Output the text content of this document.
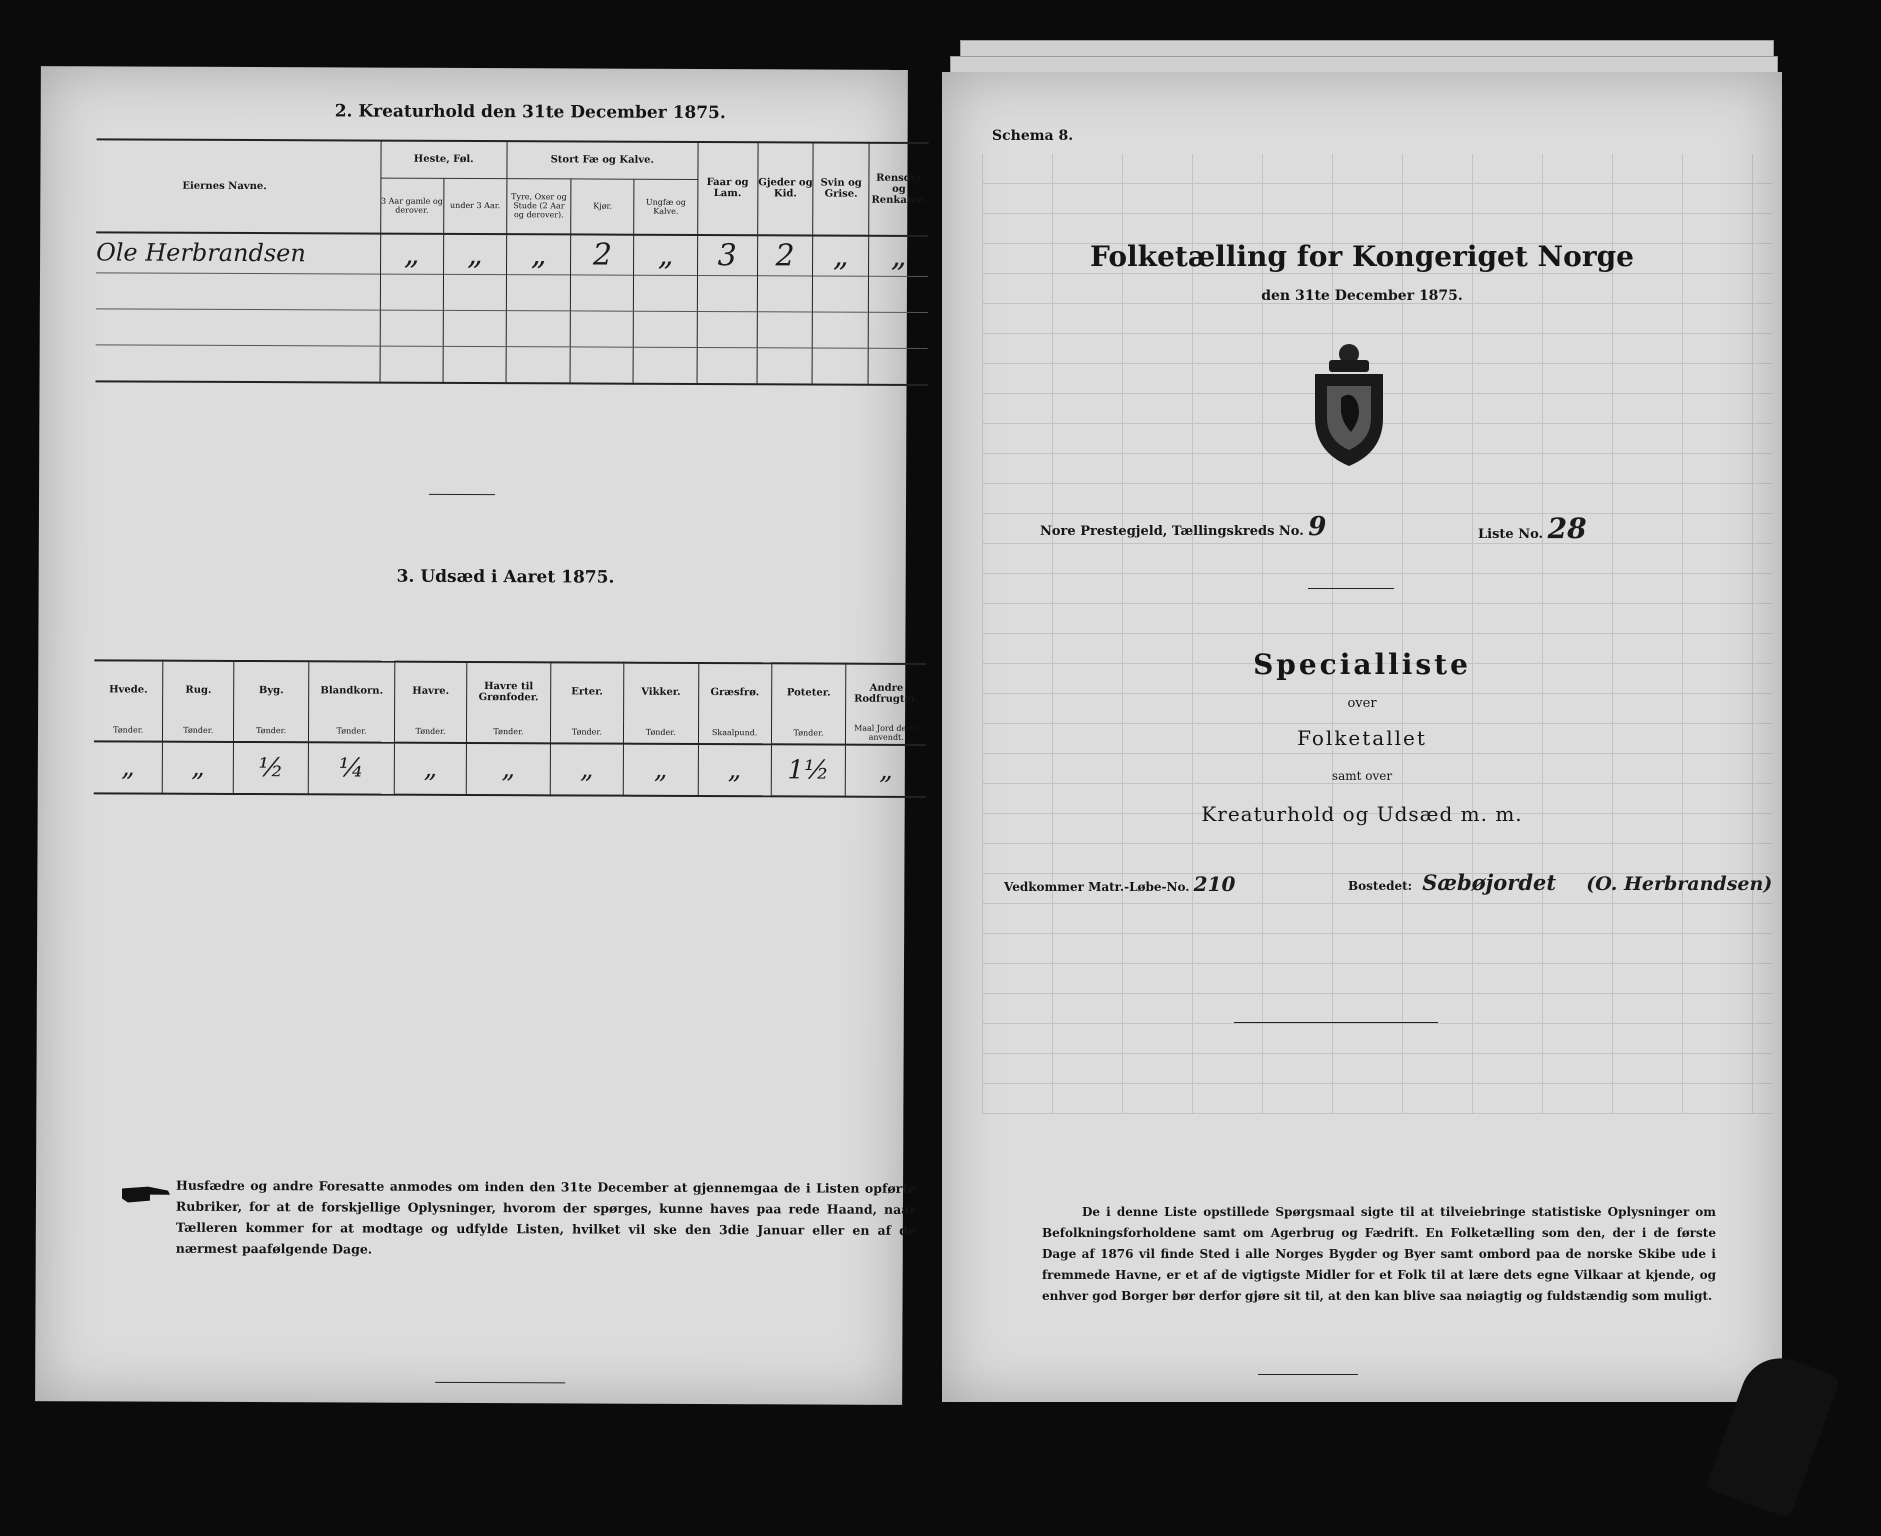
2. Kreaturhold den 31te December 1875.
Eiernes Navne.	Heste, Føl.		Stort Fæ og Kalve.			Faar og Lam.	Gjeder og Kid.	Svin og Grise.	Rensdyr og Renkalve.
	3 Aar gamle og derover.	under 3 Aar.	Tyre, Oxer og Stude (2 Aar og derover).	Kjør.	Ungfæ og Kalve.				
Ole Herbrandsen	„	„	„	2	„	3	2	„	„

3. Udsæd i Aaret 1875.
Hvede.	Rug.	Byg.	Blandkorn.	Havre.	Havre til Grønfoder.	Erter.	Vikker.	Græsfrø.	Poteter.	Andre Rodfrugter.
Tønder.	Tønder.	Tønder.	Tønder.	Tønder.	Tønder.	Tønder.	Tønder.	Skaalpund.	Tønder.	Maal Jord dertil anvendt.
„	„	½	¼	„	„	„	„	„	1½	„
Husfædre og andre Foresatte anmodes om inden den 31te December at gjennemgaa de i Listen opførte Rubriker, for at de forskjellige Oplysninger, hvorom der spørges, kunne haves paa rede Haand, naar Tælleren kommer for at modtage og udfylde Listen, hvilket vil ske den 3die Januar eller en af de nærmest paafølgende Dage.
Schema 8.
Folketælling for Kongeriget Norge
den 31te December 1875.
Nore Prestegjeld, Tællingskreds No. 9	Liste No. 28
Specialliste
over
Folketallet
samt over
Kreaturhold og Udsæd m. m.
Vedkommer Matr.-Løbe-No. 210	Bostedet: Sæbøjordet (O. Herbrandsen)
De i denne Liste opstillede Spørgsmaal sigte til at tilveiebringe statistiske Oplysninger om Befolkningsforholdene samt om Agerbrug og Fædrift. En Folketælling som den, der i de første Dage af 1876 vil finde Sted i alle Norges Bygder og Byer samt ombord paa de norske Skibe ude i fremmede Havne, er et af de vigtigste Midler for et Folk til at lære dets egne Vilkaar at kjende, og enhver god Borger bør derfor gjøre sit til, at den kan blive saa nøiagtig og fuldstændig som muligt.
